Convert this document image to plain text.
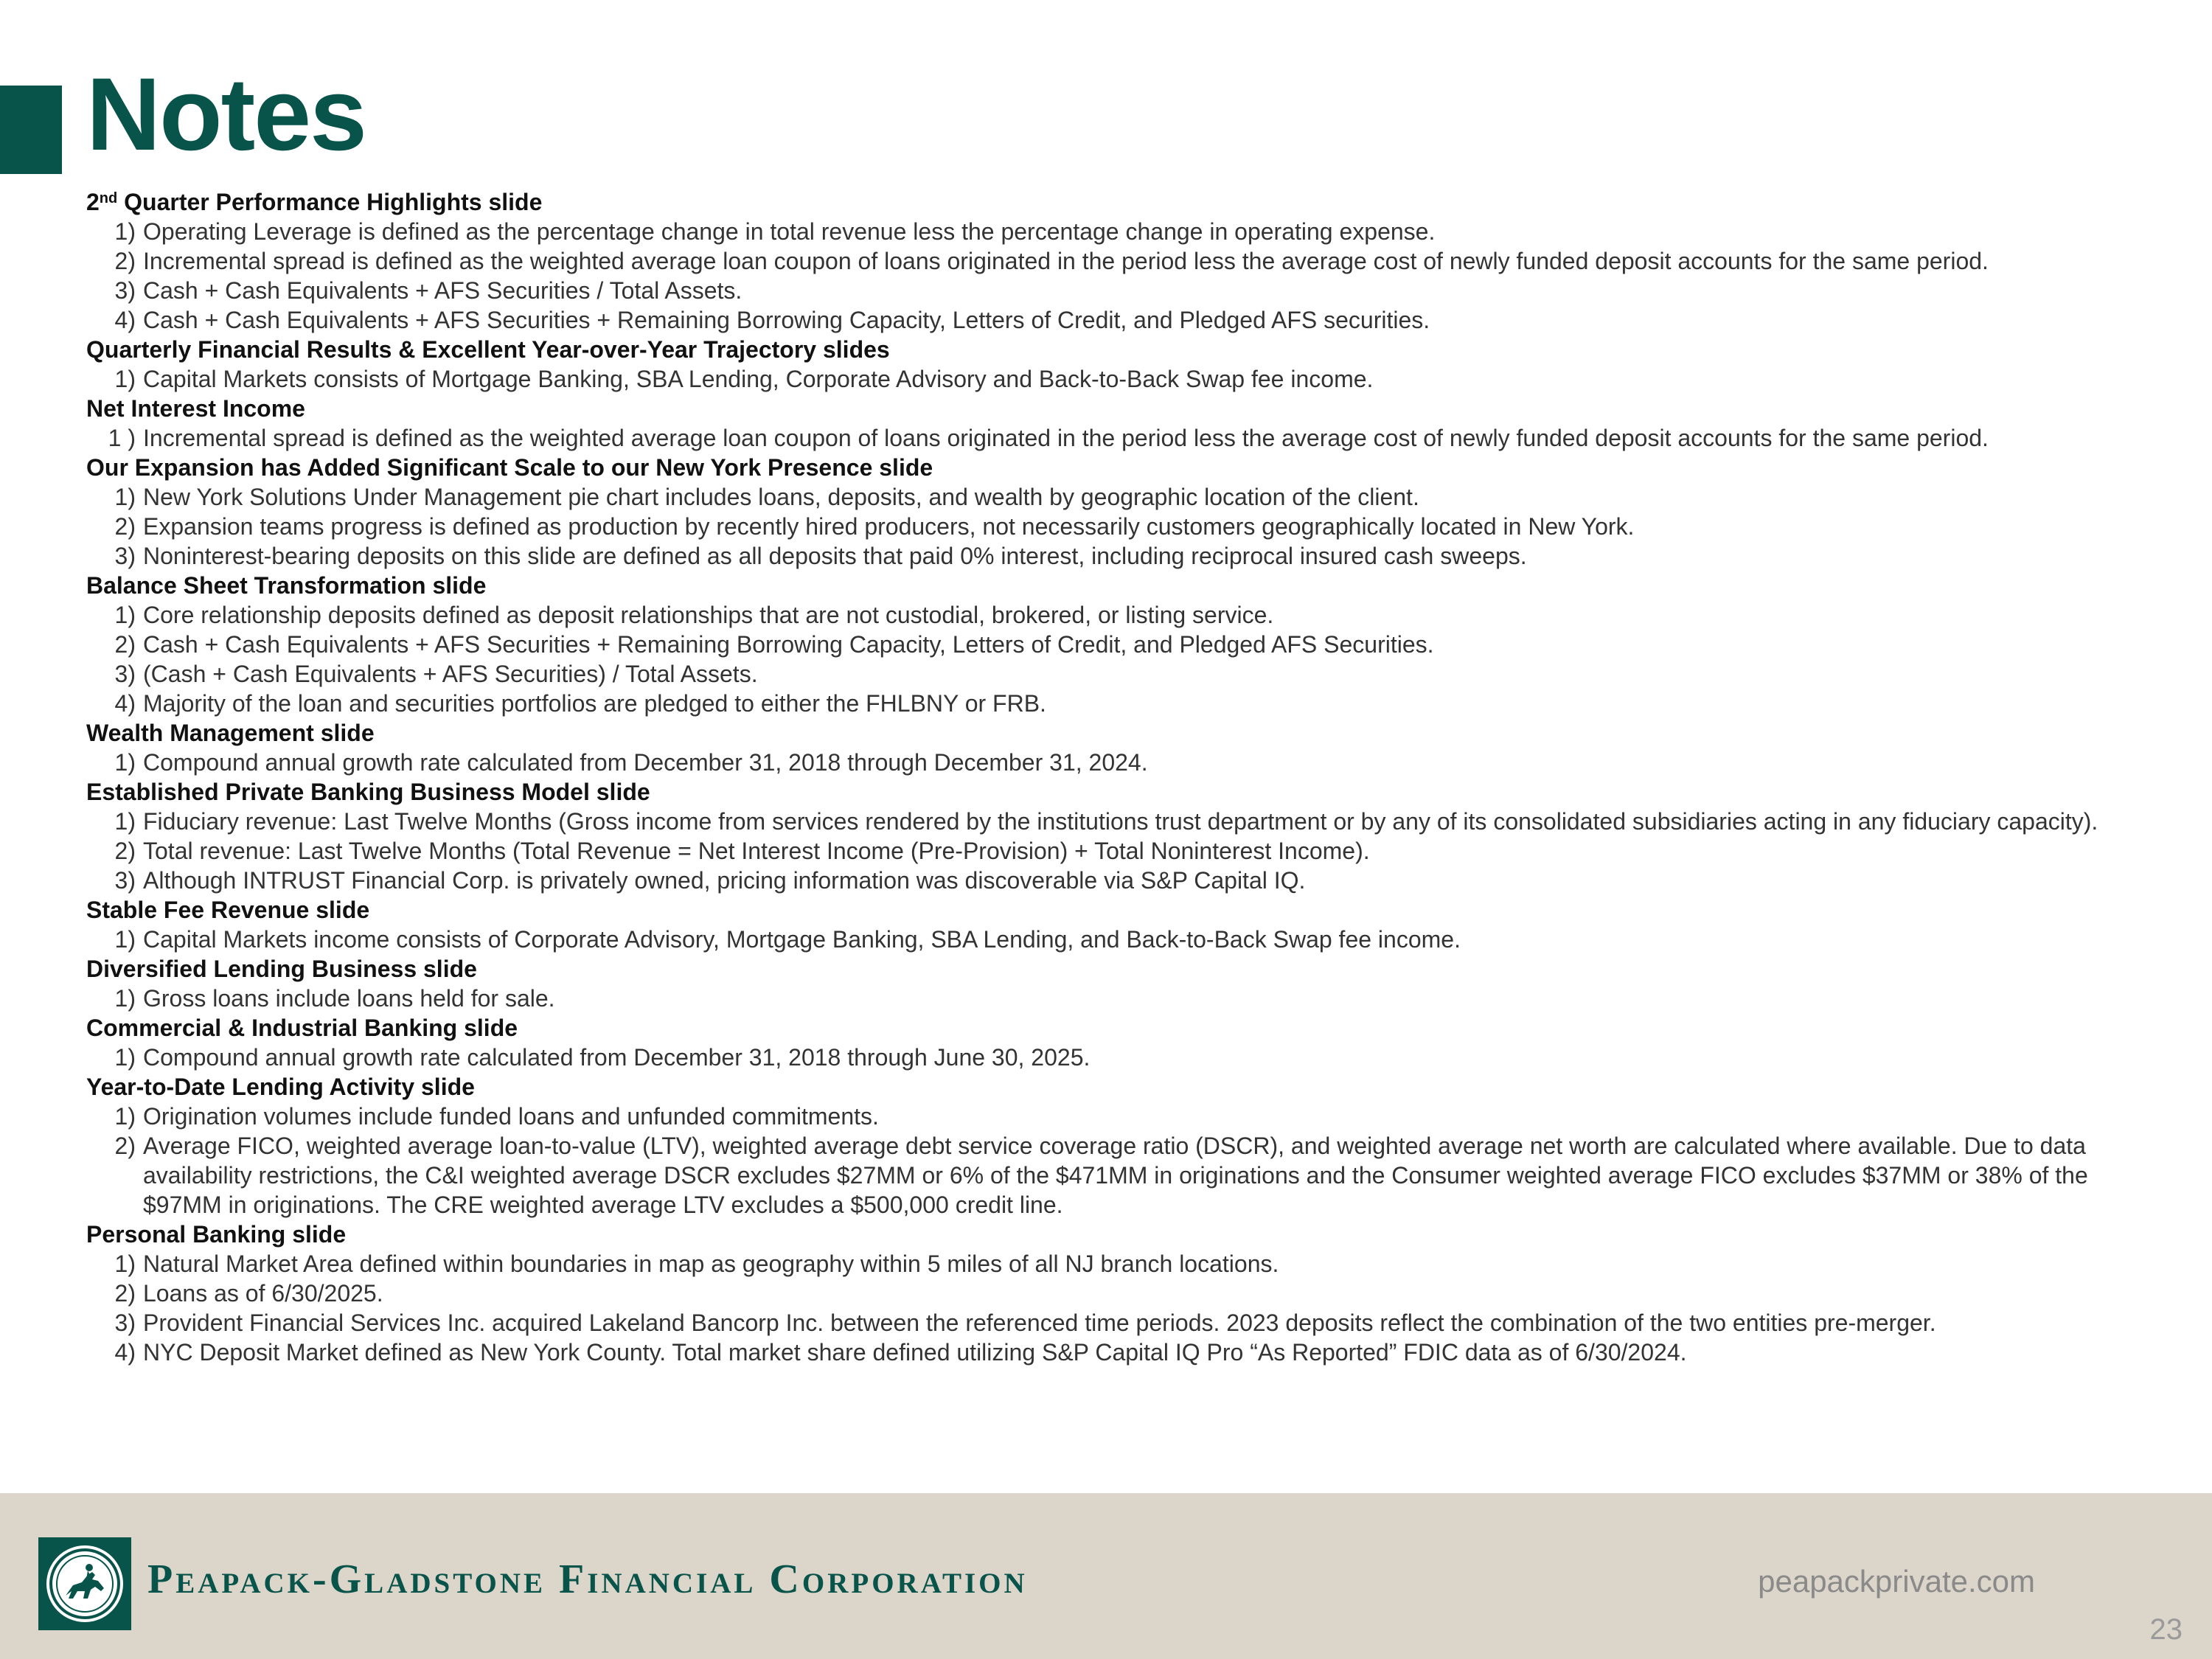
Notes
2nd Quarter Performance Highlights slide
1) Operating Leverage is defined as the percentage change in total revenue less the percentage change in operating expense.
2) Incremental spread is defined as the weighted average loan coupon of loans originated in the period less the average cost of newly funded deposit accounts for the same period.
3) Cash + Cash Equivalents + AFS Securities / Total Assets.
4) Cash + Cash Equivalents + AFS Securities + Remaining Borrowing Capacity, Letters of Credit, and Pledged AFS securities.
Quarterly Financial Results & Excellent Year-over-Year Trajectory slides
1) Capital Markets consists of Mortgage Banking, SBA Lending, Corporate Advisory and Back-to-Back Swap fee income.
Net Interest Income
1 ) Incremental spread is defined as the weighted average loan coupon of loans originated in the period less the average cost of newly funded deposit accounts for the same period.
Our Expansion has Added Significant Scale to our New York Presence slide
1) New York Solutions Under Management pie chart includes loans, deposits, and wealth by geographic location of the client.
2) Expansion teams progress is defined as production by recently hired producers, not necessarily customers geographically located in New York.
3) Noninterest-bearing deposits on this slide are defined as all deposits that paid 0% interest, including reciprocal insured cash sweeps.
Balance Sheet Transformation slide
1) Core relationship deposits defined as deposit relationships that are not custodial, brokered, or listing service.
2) Cash + Cash Equivalents + AFS Securities + Remaining Borrowing Capacity, Letters of Credit, and Pledged AFS Securities.
3) (Cash + Cash Equivalents + AFS Securities) / Total Assets.
4) Majority of the loan and securities portfolios are pledged to either the FHLBNY or FRB.
Wealth Management slide
1) Compound annual growth rate calculated from December 31, 2018 through December 31, 2024.
Established Private Banking Business Model slide
1) Fiduciary revenue: Last Twelve Months (Gross income from services rendered by the institutions trust department or by any of its consolidated subsidiaries acting in any fiduciary capacity).
2) Total revenue: Last Twelve Months (Total Revenue = Net Interest Income (Pre-Provision) + Total Noninterest Income).
3) Although INTRUST Financial Corp. is privately owned, pricing information was discoverable via S&P Capital IQ.
Stable Fee Revenue slide
1) Capital Markets income consists of Corporate Advisory, Mortgage Banking, SBA Lending, and Back-to-Back Swap fee income.
Diversified Lending Business slide
1) Gross loans include loans held for sale.
Commercial & Industrial Banking slide
1) Compound annual growth rate calculated from December 31, 2018 through June 30, 2025.
Year-to-Date Lending Activity slide
1) Origination volumes include funded loans and unfunded commitments.
2) Average FICO, weighted average loan-to-value (LTV), weighted average debt service coverage ratio (DSCR), and weighted average net worth are calculated where available. Due to data availability restrictions, the C&I weighted average DSCR excludes $27MM or 6% of the $471MM in originations and the Consumer weighted average FICO excludes $37MM or 38% of the $97MM in originations. The CRE weighted average LTV excludes a $500,000 credit line.
Personal Banking slide
1) Natural Market Area defined within boundaries in map as geography within 5 miles of all NJ branch locations.
2) Loans as of 6/30/2025.
3) Provident Financial Services Inc. acquired Lakeland Bancorp Inc. between the referenced time periods. 2023 deposits reflect the combination of the two entities pre-merger.
4) NYC Deposit Market defined as New York County. Total market share defined utilizing S&P Capital IQ Pro “As Reported” FDIC data as of 6/30/2024.
Peapack-Gladstone Financial Corporation	peapackprivate.com
23
